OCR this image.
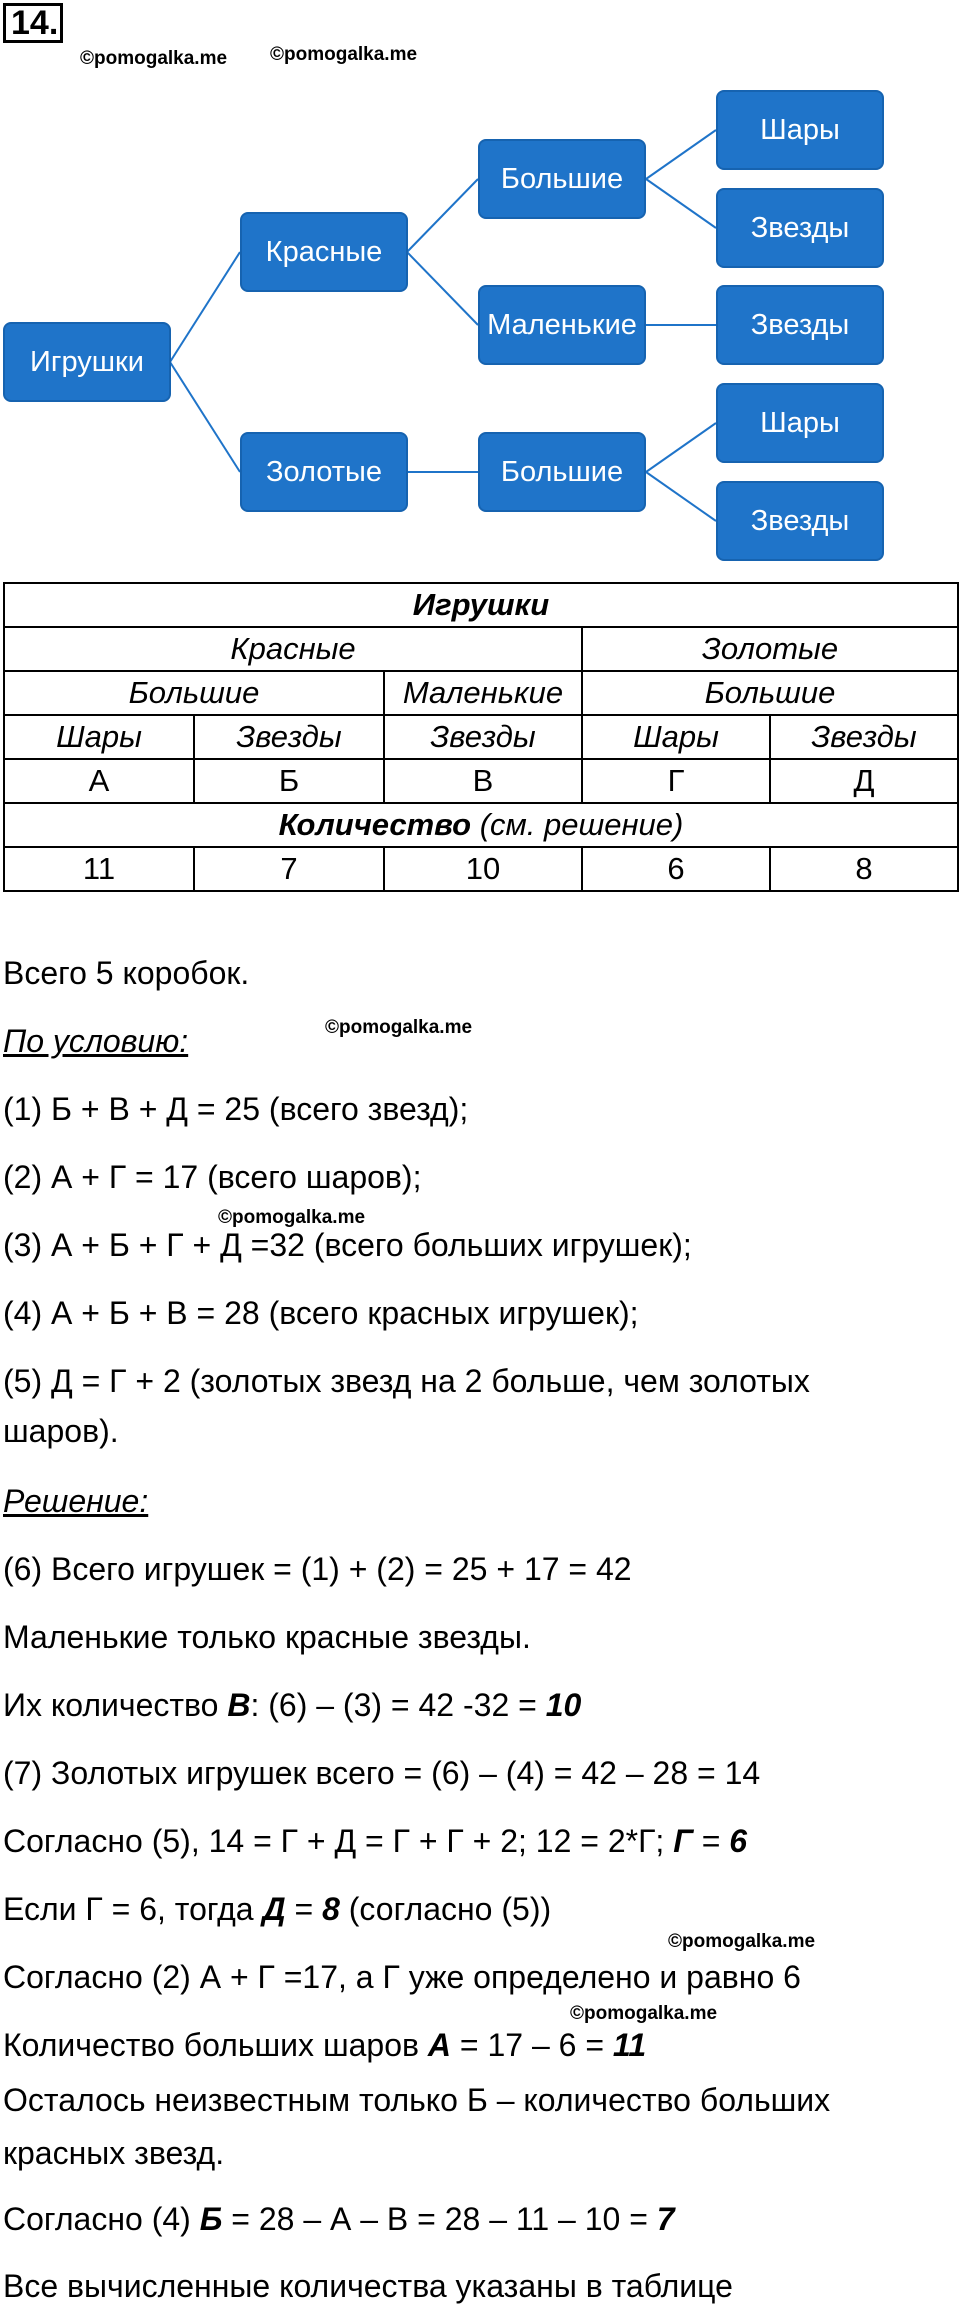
14.
©pomogalka.me ©pomogalka.me
Игрушки
Красные
Золотые
Большие
Маленькие
Большие
Шары
Звезды
Звезды
Шары
Звезды
Игрушки				
Красные			Золотые	
Большие		Маленькие	Большие	
Шары	Звезды	Звезды	Шары	Звезды
А	Б	В	Г	Д
Количество (см. решение)				
11	7	10	6	8
Всего 5 коробок.
©pomogalka.me
По условию:
(1) Б + В + Д = 25 (всего звезд);
(2) А + Г = 17 (всего шаров);
©pomogalka.me
(3) А + Б + Г + Д =32 (всего больших игрушек);
(4) А + Б + В = 28 (всего красных игрушек);
(5) Д = Г + 2 (золотых звезд на 2 больше, чем золотых
шаров).
Решение:
(6) Всего игрушек = (1) + (2) = 25 + 17 = 42
Маленькие только красные звезды.
Их количество В: (6) – (3) = 42 -32 = 10
(7) Золотых игрушек всего = (6) – (4) = 42 – 28 = 14
Согласно (5), 14 = Г + Д = Г + Г + 2; 12 = 2*Г; Г = 6
Если Г = 6, тогда Д = 8 (согласно (5))
©pomogalka.me
Согласно (2) А + Г =17, а Г уже определено и равно 6
©pomogalka.me
Количество больших шаров А = 17 – 6 = 11
Осталось неизвестным только Б – количество больших
красных звезд.
Согласно (4) Б = 28 – А – В = 28 – 11 – 10 = 7
Все вычисленные количества указаны в таблице
